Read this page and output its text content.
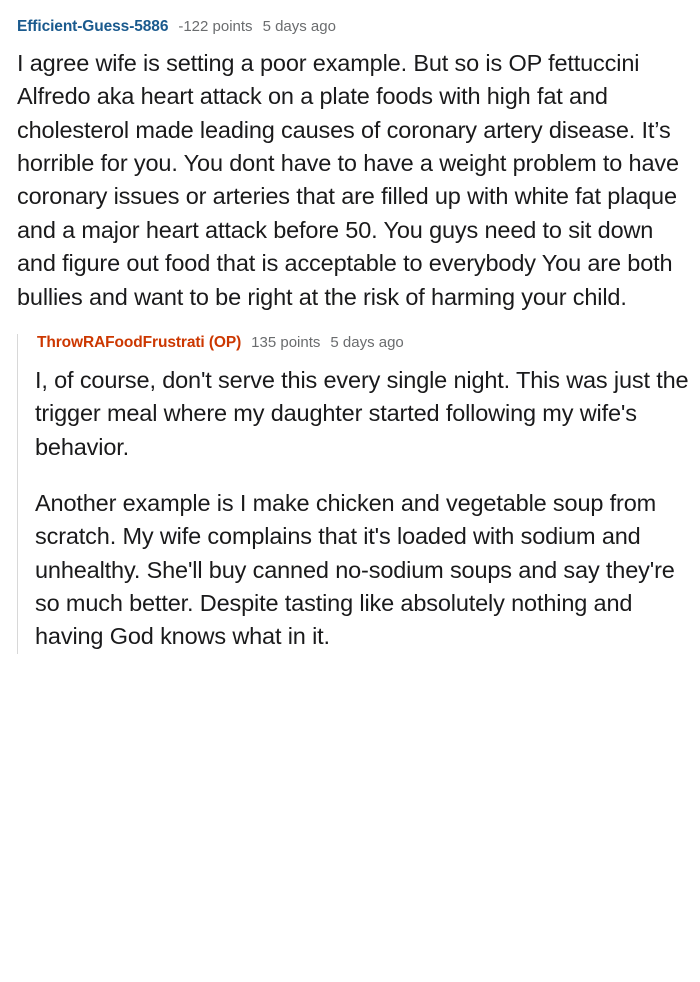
Efficient-Guess-5886 -122 points 5 days ago

I agree wife is setting a poor example. But so is OP fettuccini Alfredo aka heart attack on a plate foods with high fat and cholesterol made leading causes of coronary artery disease. It’s horrible for you. You dont have to have a weight problem to have coronary issues or arteries that are filled up with white fat plaque and a major heart attack before 50. You guys need to sit down and figure out food that is acceptable to everybody You are both bullies and want to be right at the risk of harming your child.

ThrowRAFoodFrustrati (OP) 135 points 5 days ago

I, of course, don't serve this every single night. This was just the trigger meal where my daughter started following my wife's behavior.

Another example is I make chicken and vegetable soup from scratch. My wife complains that it's loaded with sodium and unhealthy. She'll buy canned no-sodium soups and say they're so much better. Despite tasting like absolutely nothing and having God knows what in it.
